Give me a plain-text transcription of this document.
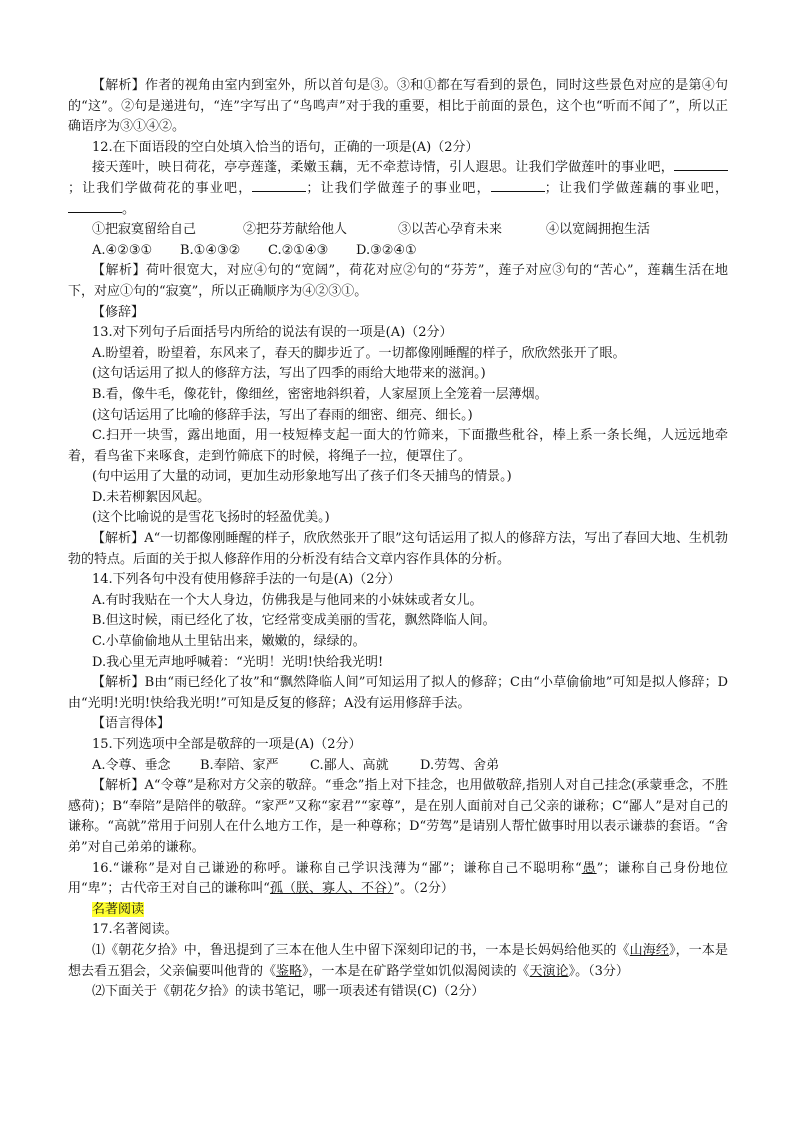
【解析】作者的视角由室内到室外，所以首句是③。③和①都在写看到的景色，同时这些景色对应的是第④句的“这”。②句是递进句，“连”字写出了“鸟鸣声”对于我的重要，相比于前面的景色，这个也“听而不闻了”，所以正确语序为③①④②。

12.在下面语段的空白处填入恰当的语句，正确的一项是(A)（2分）

接天莲叶，映日荷花，亭亭莲蓬，柔嫩玉藕，无不牵惹诗情，引人遐思。让我们学做莲叶的事业吧，；让我们学做荷花的事业吧，	；让我们学做莲子的事业吧，	；让我们学做莲藕的事业吧，。

①把寂寞留给自己	②把芬芳献给他人	③以苦心孕育未来	④以宽阔拥抱生活

A.④②③①	B.①④③②	C.②①④③	D.③②④①

【解析】荷叶很宽大，对应④句的“宽阔”，荷花对应②句的“芬芳”，莲子对应③句的“苦心”，莲藕生活在地下，对应①句的“寂寞”，所以正确顺序为④②③①。

【修辞】

13.对下列句子后面括号内所给的说法有误的一项是(A)（2分）

A.盼望着，盼望着，东风来了，春天的脚步近了。一切都像刚睡醒的样子，欣欣然张开了眼。

(这句话运用了拟人的修辞方法，写出了四季的雨给大地带来的滋润。)

B.看，像牛毛，像花针，像细丝，密密地斜织着，人家屋顶上全笼着一层薄烟。

(这句话运用了比喻的修辞手法，写出了春雨的细密、细亮、细长。)

C.扫开一块雪，露出地面，用一枝短棒支起一面大的竹筛来，下面撒些秕谷，棒上系一条长绳，人远远地牵着，看鸟雀下来啄食，走到竹筛底下的时候，将绳子一拉，便罩住了。

(句中运用了大量的动词，更加生动形象地写出了孩子们冬天捕鸟的情景。)

D.未若柳絮因风起。

(这个比喻说的是雪花飞扬时的轻盈优美。)

【解析】A“一切都像刚睡醒的样子，欣欣然张开了眼”这句话运用了拟人的修辞方法，写出了春回大地、生机勃勃的特点。后面的关于拟人修辞作用的分析没有结合文章内容作具体的分析。

14.下列各句中没有使用修辞手法的一句是(A)（2分）

A.有时我贴在一个大人身边，仿佛我是与他同来的小妹妹或者女儿。

B.但这时候，雨已经化了妆，它经常变成美丽的雪花，飘然降临人间。

C.小草偷偷地从土里钻出来，嫩嫩的，绿绿的。

D.我心里无声地呼喊着：“光明！光明!快给我光明!

【解析】B由“雨已经化了妆”和“飘然降临人间”可知运用了拟人的修辞；C由“小草偷偷地”可知是拟人修辞；D由“光明!光明!快给我光明!”可知是反复的修辞；A没有运用修辞手法。

【语言得体】

15.下列选项中全部是敬辞的一项是(A)（2分）

A.令尊、垂念	B.奉陪、家严	C.鄙人、高就	D.劳驾、舍弟

【解析】A“令尊”是称对方父亲的敬辞。“垂念”指上对下挂念，也用做敬辞,指别人对自己挂念(承蒙垂念，不胜感荷)；B“奉陪”是陪伴的敬辞。“家严”又称“家君”“家尊”，是在别人面前对自己父亲的谦称；C“鄙人”是对自己的谦称。“高就”常用于问别人在什么地方工作，是一种尊称；D“劳驾”是请别人帮忙做事时用以表示谦恭的套语。“舍弟”对自己弟弟的谦称。

16.“谦称”是对自己谦逊的称呼。谦称自己学识浅薄为“鄙”；谦称自己不聪明称“愚”；谦称自己身份地位用“卑”；古代帝王对自己的谦称叫“孤（朕、寡人、不谷）”。（2分）

名著阅读

17.名著阅读。

⑴《朝花夕拾》中，鲁迅提到了三本在他人生中留下深刻印记的书，一本是长妈妈给他买的《山海经》，一本是想去看五猖会，父亲偏要叫他背的《鉴略》，一本是在矿路学堂如饥似渴阅读的《天演论》。（3分）

⑵下面关于《朝花夕拾》的读书笔记，哪一项表述有错误(C)（2分）
